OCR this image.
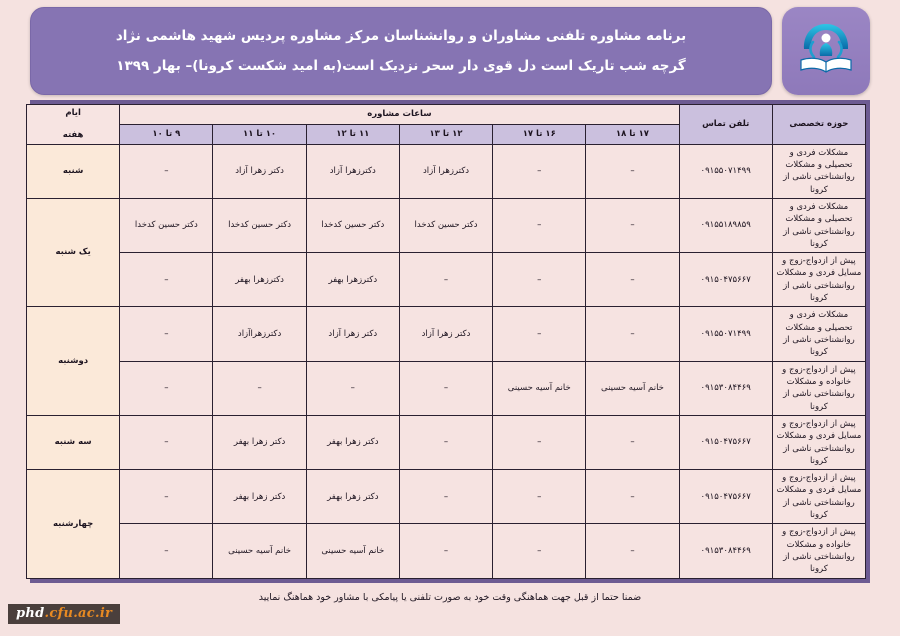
برنامه مشاوره تلفنی مشاوران و روانشناسان مرکز مشاوره پردیس شهید هاشمی نژاد
گرچه شب تاریک است دل قوی دار سحر نزدیک است(به امید شکست کرونا)– بهار ۱۳۹۹
حوزه تخصصی	تلفن تماس	ساعات مشاوره						ایام
هفته

		۱۷ تا ۱۸	۱۶ تا ۱۷	۱۲ تا ۱۳	۱۱ تا ۱۲	۱۰ تا ۱۱	۹ تا ۱۰	
مشکلات فردی و تحصیلی و مشکلات روانشناختی ناشی از کرونا	۰۹۱۵۵۰۷۱۴۹۹	–	–	دکترزهرا آزاد	دکترزهرا آزاد	دکتر زهرا آزاد	–	شنبه
مشکلات فردی و تحصیلی و مشکلات روانشناختی ناشی از کرونا	۰۹۱۵۵۱۸۹۸۵۹	–	–	دکتر حسین کدخدا	دکتر حسین کدخدا	دکتر حسین کدخدا	دکتر حسین کدخدا	یک شنبه
پیش از ازدواج-زوج و مسایل فردی و مشکلات روانشناختی ناشی از کرونا	۰۹۱۵۰۴۷۵۶۶۷	–	–	–	دکترزهرا بهفر	دکترزهرا بهفر	–	
مشکلات فردی و تحصیلی و مشکلات روانشناختی ناشی از کرونا	۰۹۱۵۵۰۷۱۴۹۹	–	–	دکتر زهرا آزاد	دکتر زهرا آزاد	دکترزهراآزاد	–	دوشنبه
پیش از ازدواج-زوج و خانواده و مشکلات روانشناختی ناشی از کرونا	۰۹۱۵۳۰۸۴۴۶۹	خانم آسیه حسینی	خانم آسیه حسینی	–	–	–	–	
پیش از ازدواج-زوج و مسایل فردی و مشکلات روانشناختی ناشی از کرونا	۰۹۱۵۰۴۷۵۶۶۷	–	–	–	دکتر زهرا بهفر	دکتر زهرا بهفر	–	سه شنبه
پیش از ازدواج-زوج و مسایل فردی و مشکلات روانشناختی ناشی از کرونا	۰۹۱۵۰۴۷۵۶۶۷	–	–	–	دکتر زهرا بهفر	دکتر زهرا بهفر	–	چهارشنبه
پیش از ازدواج-زوج و خانواده و مشکلات روانشناختی ناشی از کرونا	۰۹۱۵۳۰۸۴۴۶۹	–	–	–	خانم آسیه حسینی	خانم آسیه حسینی	–	
ضمنا حتما از قبل جهت هماهنگی وقت خود به صورت تلفنی یا پیامکی با مشاور خود هماهنگ نمایید
phd.cfu.ac.ir
